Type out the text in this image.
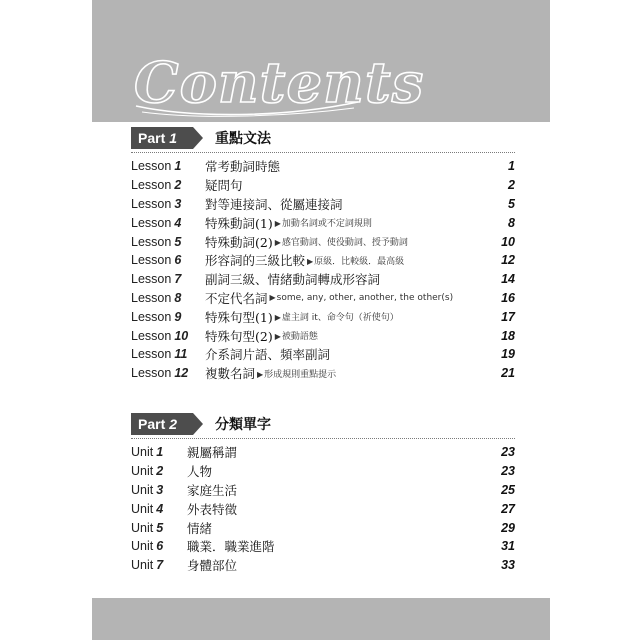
Contents
Part 1	重點文法
Lesson 1	常考動詞時態	1
Lesson 2	疑問句	2
Lesson 3	對等連接詞、從屬連接詞	5
Lesson 4	特殊動詞(1) ▶加動名詞或不定詞規則	8
Lesson 5	特殊動詞(2) ▶感官動詞、使役動詞、授予動詞	10
Lesson 6	形容詞的三級比較 ▶原級．比較級．最高級	12
Lesson 7	副詞三級、情緒動詞轉成形容詞	14
Lesson 8	不定代名詞 ▶some, any, other, another, the other(s)	16
Lesson 9	特殊句型(1) ▶虛主詞 it、命令句（祈使句）	17
Lesson 10	特殊句型(2) ▶被動語態	18
Lesson 11	介系詞片語、頻率副詞	19
Lesson 12	複數名詞 ▶形成規則重點提示	21
Part 2	分類單字
Unit 1	親屬稱謂	23
Unit 2	人物	23
Unit 3	家庭生活	25
Unit 4	外表特徵	27
Unit 5	情緒	29
Unit 6	職業．職業進階	31
Unit 7	身體部位	33
